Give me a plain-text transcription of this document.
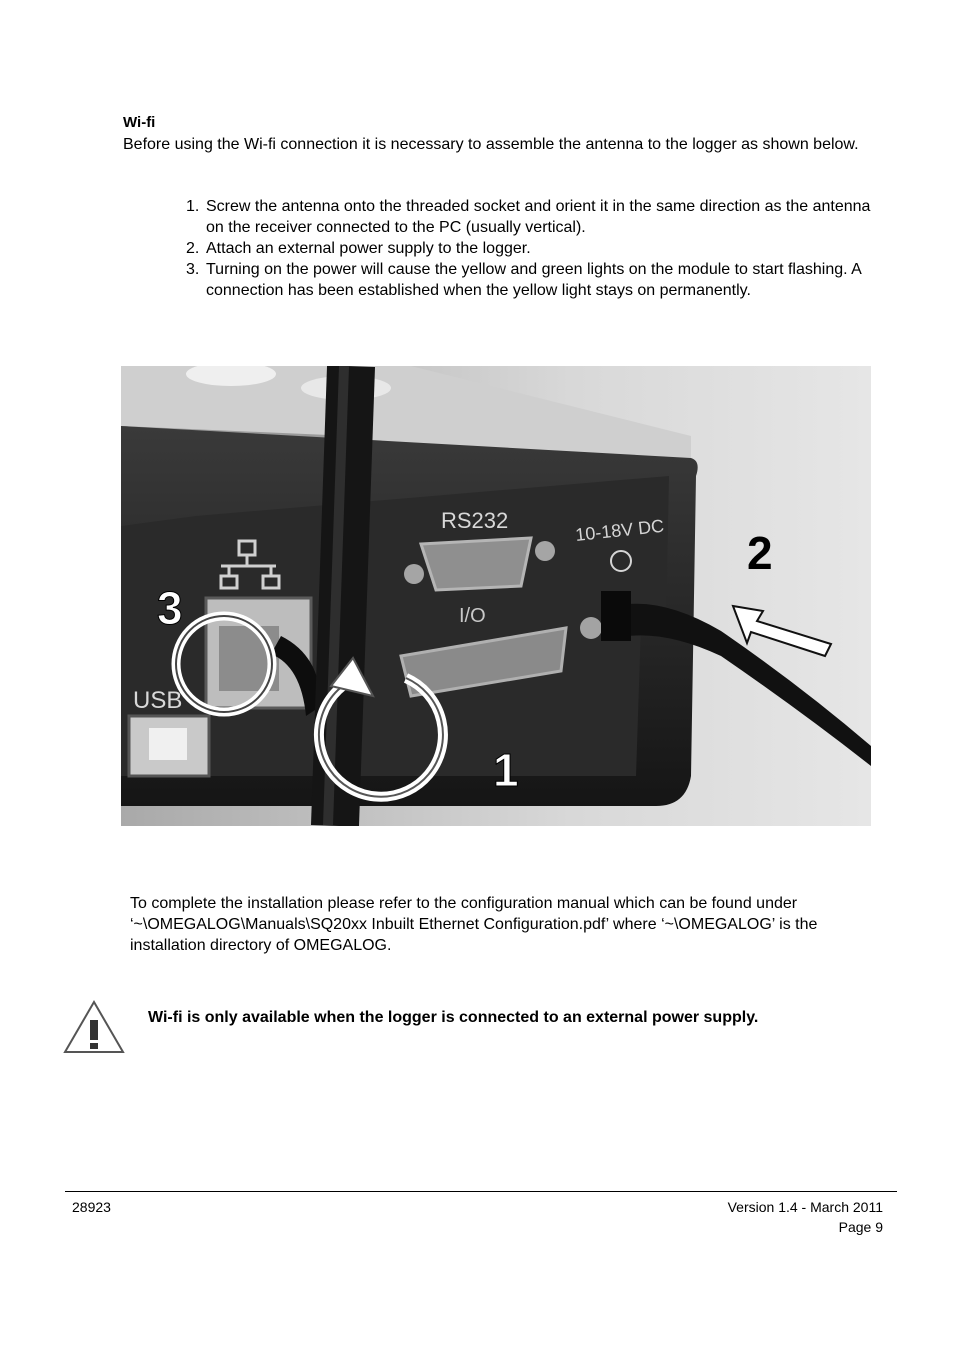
Wi-fi
Before using the Wi-fi connection it is necessary to assemble the antenna to the logger as shown below.
1. Screw the antenna onto the threaded socket and orient it in the same direction as the antenna on the receiver connected to the PC (usually vertical).
2. Attach an external power supply to the logger.
3. Turning on the power will cause the yellow and green lights on the module to start flashing. A connection has been established when the yellow light stays on permanently.
USB
RS232
I/O
10-18V DC
1
2
3
To complete the installation please refer to the configuration manual which can be found under ‘~\OMEGALOG\Manuals\SQ20xx Inbuilt Ethernet Configuration.pdf’ where ‘~\OMEGALOG’ is the installation directory of OMEGALOG.
Wi-fi is only available when the logger is connected to an external power supply.
28923	Version 1.4 - March 2011
Page 9
